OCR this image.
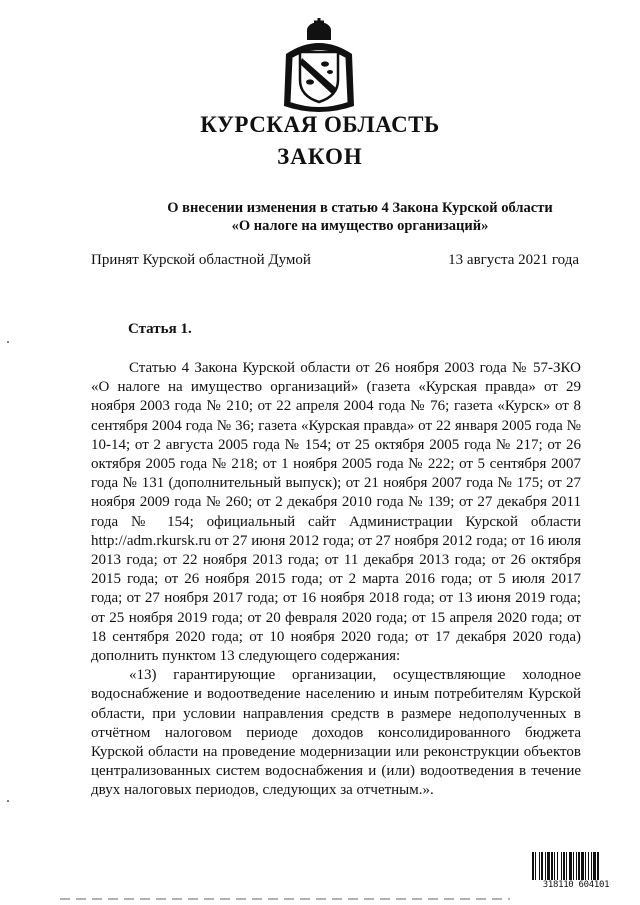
КУРСКАЯ ОБЛАСТЬ
ЗАКОН
О внесении изменения в статью 4 Закона Курской области
«О налоге на имущество организаций»
Принят Курской областной Думой	13 августа 2021 года
Статья 1.

Статью 4 Закона Курской области от 26 ноября 2003 года № 57-ЗКО «О налоге на имущество организаций» (газета «Курская правда» от 29 ноября 2003 года № 210; от 22 апреля 2004 года № 76; газета «Курск» от 8 сентября 2004 года № 36; газета «Курская правда» от 22 января 2005 года № 10-14; от 2 августа 2005 года № 154; от 25 октября 2005 года № 217; от 26 октября 2005 года № 218; от 1 ноября 2005 года № 222; от 5 сентября 2007 года № 131 (дополнительный выпуск); от 21 ноября 2007 года № 175; от 27 ноября 2009 года № 260; от 2 декабря 2010 года № 139; от 27 декабря 2011 года № 154; официальный сайт Администрации Курской области http://adm.rkursk.ru от 27 июня 2012 года; от 27 ноября 2012 года; от 16 июля 2013 года; от 22 ноября 2013 года; от 11 декабря 2013 года; от 26 октября 2015 года; от 26 ноября 2015 года; от 2 марта 2016 года; от 5 июля 2017 года; от 27 ноября 2017 года; от 16 ноября 2018 года; от 13 июня 2019 года; от 25 ноября 2019 года; от 20 февраля 2020 года; от 15 апреля 2020 года; от 18 сентября 2020 года; от 10 ноября 2020 года; от 17 декабря 2020 года) дополнить пунктом 13 следующего содержания:

«13) гарантирующие организации, осуществляющие холодное водоснабжение и водоотведение населению и иным потребителям Курской области, при условии направления средств в размере недополученных в отчётном налоговом периоде доходов консолидированного бюджета Курской области на проведение модернизации или реконструкции объектов централизованных систем водоснабжения и (или) водоотведения в течение двух налоговых периодов, следующих за отчетным.».

318110 604101
